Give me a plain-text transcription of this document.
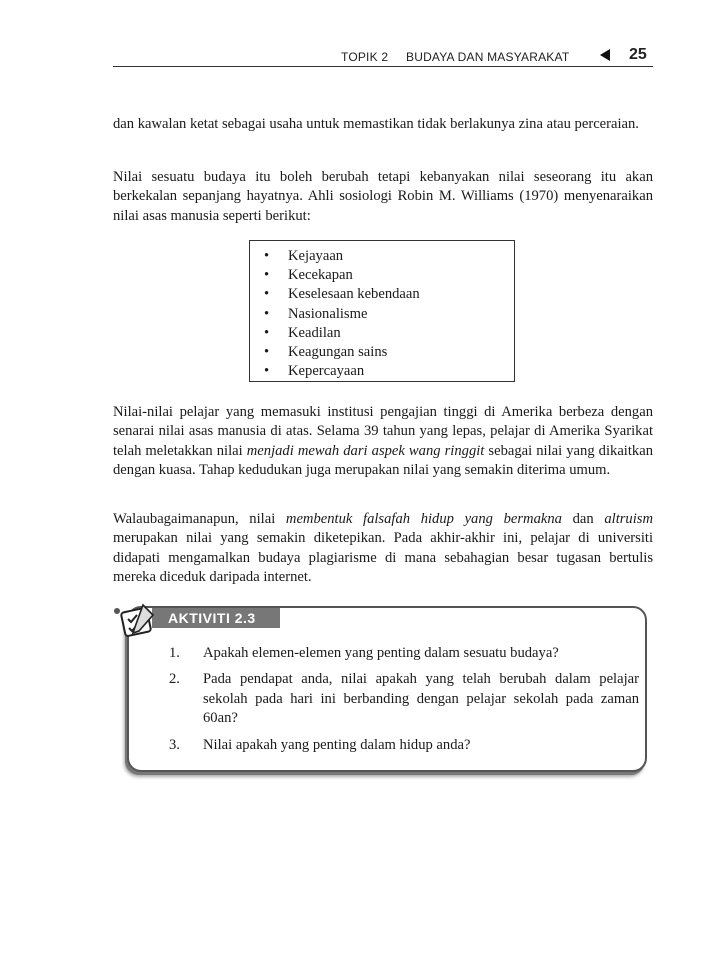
TOPIK 2 BUDAYA DAN MASYARAKAT	25

dan kawalan ketat sebagai usaha untuk memastikan tidak berlakunya zina atau perceraian.

Nilai sesuatu budaya itu boleh berubah tetapi kebanyakan nilai seseorang itu akan berkekalan sepanjang hayatnya. Ahli sosiologi Robin M. Williams (1970) menyenaraikan nilai asas manusia seperti berikut:

• Kejayaan
• Kecekapan
• Keselesaan kebendaan
• Nasionalisme
• Keadilan
• Keagungan sains
• Kepercayaan

Nilai-nilai pelajar yang memasuki institusi pengajian tinggi di Amerika berbeza dengan senarai nilai asas manusia di atas. Selama 39 tahun yang lepas, pelajar di Amerika Syarikat telah meletakkan nilai menjadi mewah dari aspek wang ringgit sebagai nilai yang dikaitkan dengan kuasa. Tahap kedudukan juga merupakan nilai yang semakin diterima umum.

Walaubagaimanapun, nilai membentuk falsafah hidup yang bermakna dan altruism merupakan nilai yang semakin diketepikan. Pada akhir-akhir ini, pelajar di universiti didapati mengamalkan budaya plagiarisme di mana sebahagian besar tugasan bertulis mereka diceduk daripada internet.

1. Apakah elemen-elemen yang penting dalam sesuatu budaya?
2. Pada pendapat anda, nilai apakah yang telah berubah dalam pelajar sekolah pada hari ini berbanding dengan pelajar sekolah pada zaman 60an?
3. Nilai apakah yang penting dalam hidup anda?
AKTIVITI 2.3
